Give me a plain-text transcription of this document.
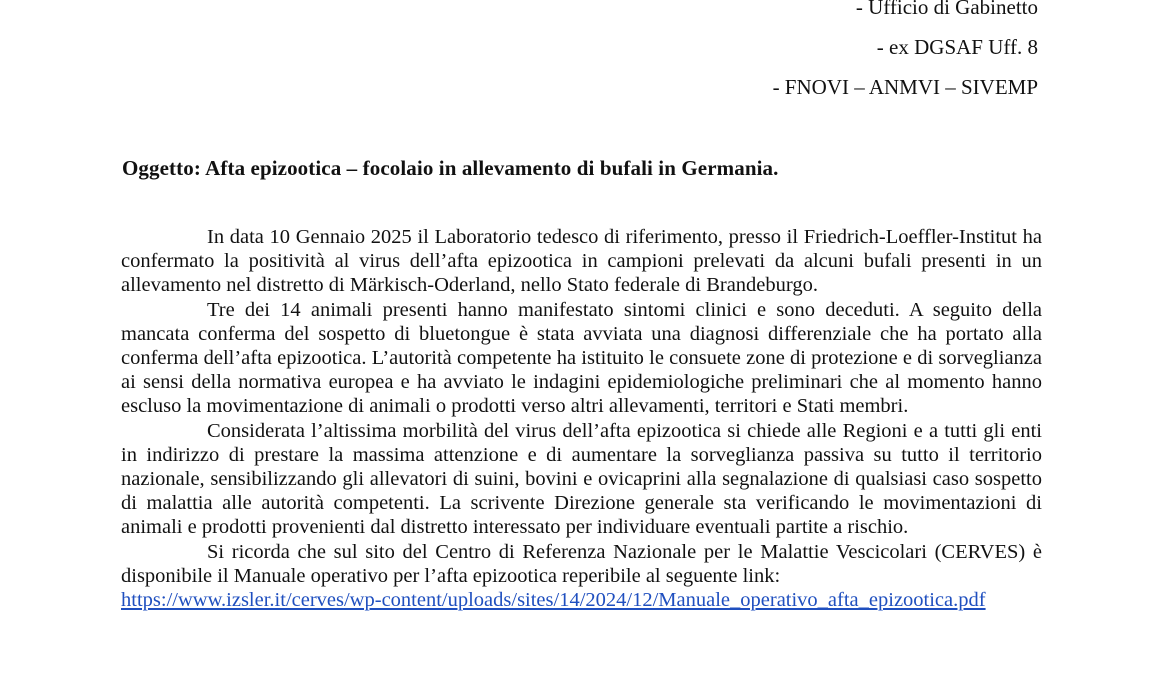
- Ufficio di Gabinetto
- ex DGSAF Uff. 8
- FNOVI – ANMVI – SIVEMP
Oggetto: Afta epizootica – focolaio in allevamento di bufali in Germania.

In data 10 Gennaio 2025 il Laboratorio tedesco di riferimento, presso il Friedrich-Loeffler-Institut ha confermato la positività al virus dell’afta epizootica in campioni prelevati da alcuni bufali presenti in un allevamento nel distretto di Märkisch-Oderland, nello Stato federale di Brandeburgo.

Tre dei 14 animali presenti hanno manifestato sintomi clinici e sono deceduti. A seguito della mancata conferma del sospetto di bluetongue è stata avviata una diagnosi differenziale che ha portato alla conferma dell’afta epizootica. L’autorità competente ha istituito le consuete zone di protezione e di sorveglianza ai sensi della normativa europea e ha avviato le indagini epidemiologiche preliminari che al momento hanno escluso la movimentazione di animali o prodotti verso altri allevamenti, territori e Stati membri.

Considerata l’altissima morbilità del virus dell’afta epizootica si chiede alle Regioni e a tutti gli enti in indirizzo di prestare la massima attenzione e di aumentare la sorveglianza passiva su tutto il territorio nazionale, sensibilizzando gli allevatori di suini, bovini e ovicaprini alla segnalazione di qualsiasi caso sospetto di malattia alle autorità competenti. La scrivente Direzione generale sta verificando le movimentazioni di animali e prodotti provenienti dal distretto interessato per individuare eventuali partite a rischio.

Si ricorda che sul sito del Centro di Referenza Nazionale per le Malattie Vescicolari (CERVES) è disponibile il Manuale operativo per l’afta epizootica reperibile al seguente link:

https://www.izsler.it/cerves/wp-content/uploads/sites/14/2024/12/Manuale_operativo_afta_epizootica.pdf
